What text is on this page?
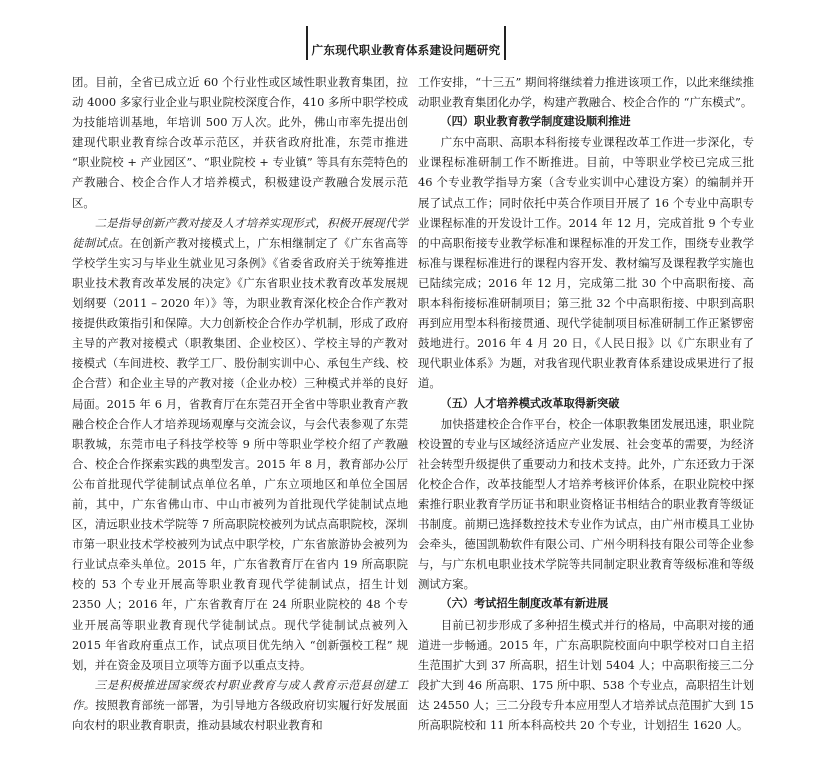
广东现代职业教育体系建设问题研究

团。目前，全省已成立近 60 个行业性或区域性职业教育集团，拉动 4000 多家行业企业与职业院校深度合作，410 多所中职学校成为技能培训基地，年培训 500 万人次。此外，佛山市率先提出创建现代职业教育综合改革示范区，并获省政府批准，东莞市推进 “职业院校 + 产业园区”、“职业院校 + 专业镇” 等具有东莞特色的产教融合、校企合作人才培养模式，积极建设产教融合发展示范区。

二是指导创新产教对接及人才培养实现形式，积极开展现代学徒制试点。在创新产教对接模式上，广东相继制定了《广东省高等学校学生实习与毕业生就业见习条例》《省委省政府关于统筹推进职业技术教育改革发展的决定》《广东省职业技术教育改革发展规划纲要（2011 – 2020 年）》等，为职业教育深化校企合作产教对接提供政策指引和保障。大力创新校企合作办学机制，形成了政府主导的产教对接模式（职教集团、企业校区）、学校主导的产教对接模式（车间进校、教学工厂、股份制实训中心、承包生产线、校企合营）和企业主导的产教对接（企业办校）三种模式并举的良好局面。2015 年 6 月，省教育厅在东莞召开全省中等职业教育产教融合校企合作人才培养现场观摩与交流会议，与会代表参观了东莞职教城，东莞市电子科技学校等 9 所中等职业学校介绍了产教融合、校企合作探索实践的典型发言。2015 年 8 月，教育部办公厅公布首批现代学徒制试点单位名单，广东立项地区和单位全国居前，其中，广东省佛山市、中山市被列为首批现代学徒制试点地区，清远职业技术学院等 7 所高职院校被列为试点高职院校，深圳市第一职业技术学校被列为试点中职学校，广东省旅游协会被列为行业试点牵头单位。2015 年，广东省教育厅在省内 19 所高职院校的 53 个专业开展高等职业教育现代学徒制试点，招生计划 2350 人；2016 年，广东省教育厅在 24 所职业院校的 48 个专业开展高等职业教育现代学徒制试点。现代学徒制试点被列入 2015 年省政府重点工作，试点项目优先纳入 “创新强校工程” 规划，并在资金及项目立项等方面予以重点支持。

三是积极推进国家级农村职业教育与成人教育示范县创建工作。按照教育部统一部署，为引导地方各级政府切实履行好发展面向农村的职业教育职责，推动县域农村职业教育和

工作安排，“十三五” 期间将继续着力推进该项工作，以此来继续推动职业教育集团化办学，构建产教融合、校企合作的 “广东模式”。

（四）职业教育教学制度建设顺利推进

广东中高职、高职本科衔接专业课程改革工作进一步深化，专业课程标准研制工作不断推进。目前，中等职业学校已完成三批 46 个专业教学指导方案（含专业实训中心建设方案）的编制并开展了试点工作；同时依托中英合作项目开展了 16 个专业中高职专业课程标准的开发设计工作。2014 年 12 月，完成首批 9 个专业的中高职衔接专业教学标准和课程标准的开发工作，围绕专业教学标准与课程标准进行的课程内容开发、教材编写及课程教学实施也已陆续完成；2016 年 12 月，完成第二批 30 个中高职衔接、高职本科衔接标准研制项目；第三批 32 个中高职衔接、中职到高职再到应用型本科衔接贯通、现代学徒制项目标准研制工作正紧锣密鼓地进行。2016 年 4 月 20 日，《人民日报》以《广东职业有了现代职业体系》为题，对我省现代职业教育体系建设成果进行了报道。

（五）人才培养模式改革取得新突破

加快搭建校企合作平台，校企一体职教集团发展迅速，职业院校设置的专业与区域经济适应产业发展、社会变革的需要，为经济社会转型升级提供了重要动力和技术支持。此外，广东还致力于深化校企合作，改革技能型人才培养考核评价体系，在职业院校中探索推行职业教育学历证书和职业资格证书相结合的职业教育等级证书制度。前期已选择数控技术专业作为试点，由广州市模具工业协会牵头，德国凯勒软件有限公司、广州今明科技有限公司等企业参与，与广东机电职业技术学院等共同制定职业教育等级标准和等级测试方案。

（六）考试招生制度改革有新进展

目前已初步形成了多种招生模式并行的格局，中高职对接的通道进一步畅通。2015 年，广东高职院校面向中职学校对口自主招生范围扩大到 37 所高职，招生计划 5404 人；中高职衔接三二分段扩大到 46 所高职、175 所中职、538 个专业点，高职招生计划达 24550 人；三二分段专升本应用型人才培养试点范围扩大到 15 所高职院校和 11 所本科高校共 20 个专业，计划招生 1620 人。
